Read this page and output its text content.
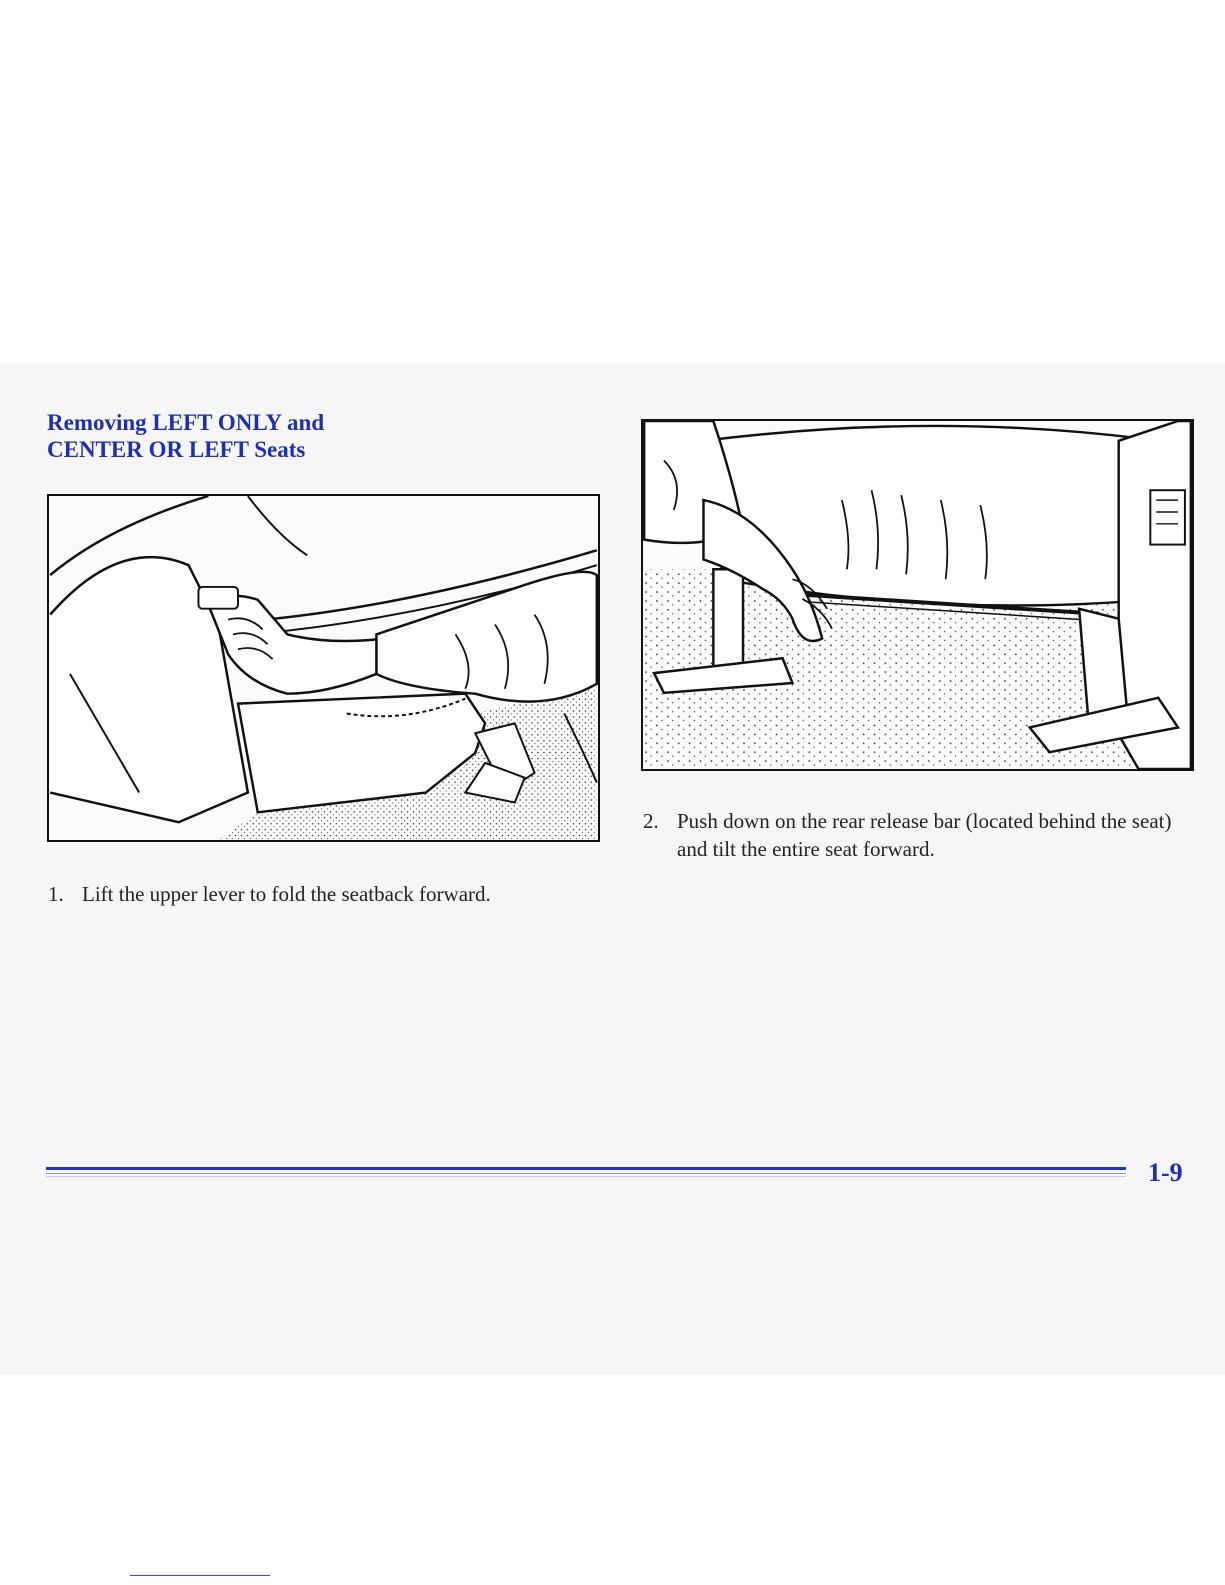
Removing LEFT ONLY and
CENTER OR LEFT Seats
1. Lift the upper lever to fold the seatback forward.
2. Push down on the rear release bar (located behind the seat) and tilt the entire seat forward.
1-9
